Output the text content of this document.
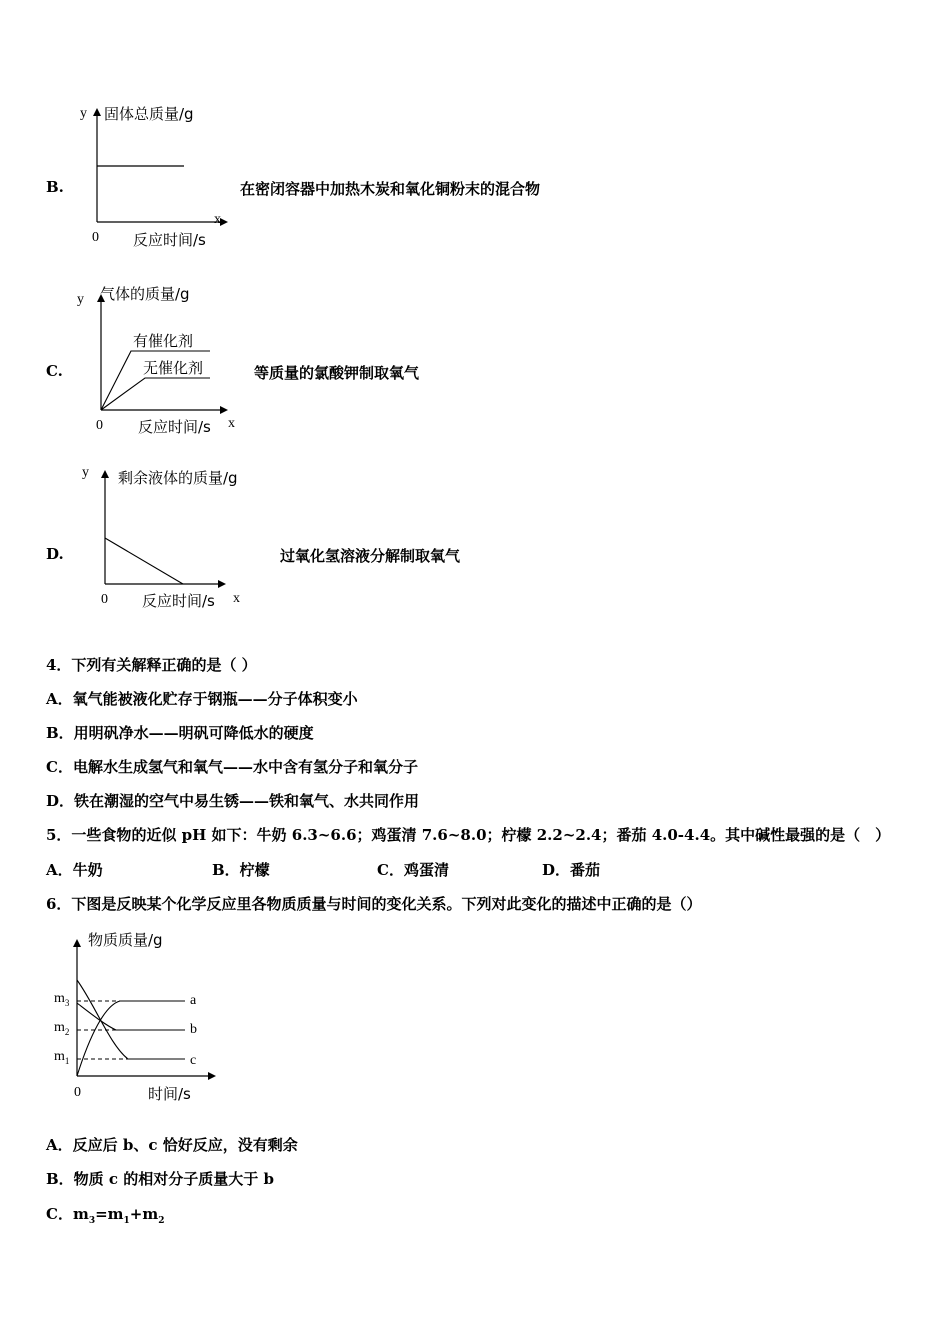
B.
y 固体总质量/g
x
0 反应时间/s
在密闭容器中加热木炭和氧化铜粉末的混合物
C.
y 气体的质量/g
有催化剂
无催化剂
x
0 反应时间/s
等质量的氯酸钾制取氧气
D.
y 剩余液体的质量/g
x
0 反应时间/s
过氧化氢溶液分解制取氧气
4．下列有关解释正确的是（ ）
A．氧气能被液化贮存于钢瓶——分子体积变小
B．用明矾净水——明矾可降低水的硬度
C．电解水生成氢气和氧气——水中含有氢分子和氧分子
D．铁在潮湿的空气中易生锈——铁和氧气、水共同作用
5．一些食物的近似 pH 如下：牛奶 6.3~6.6；鸡蛋清 7.6~8.0；柠檬 2.2~2.4；番茄 4.0-4.4。其中碱性最强的是（　）
A．牛奶	B．柠檬	C．鸡蛋清	D．番茄
6．下图是反映某个化学反应里各物质质量与时间的变化关系。下列对此变化的描述中正确的是（）
物质质量/g
$m_3$
$m_2$
$m_1$
a
b
c
0	时间/s
A．反应后 b、c 恰好反应，没有剩余
B．物质 c 的相对分子质量大于 b
C．$m_3=m_1+m_2$
